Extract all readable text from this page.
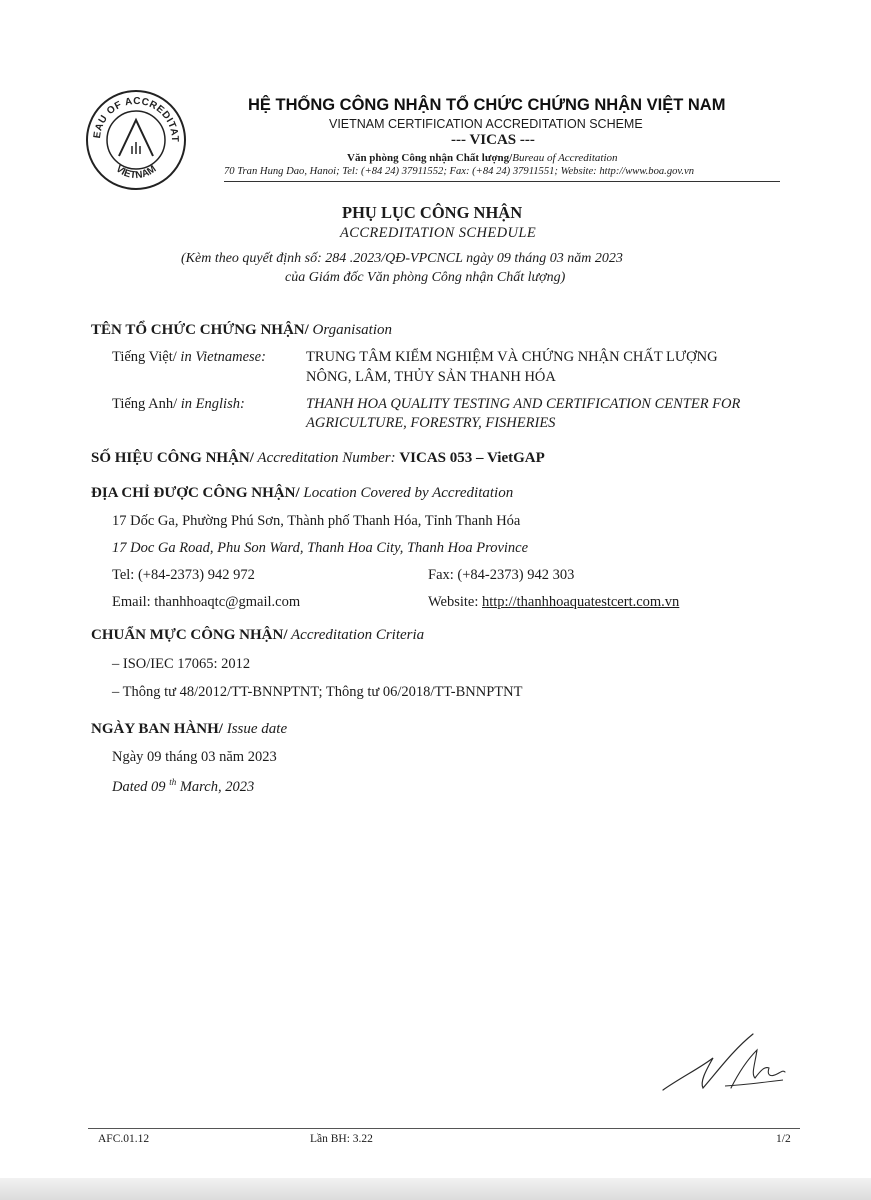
EAU OF ACCREDITAT
VIETNAM
HỆ THỐNG CÔNG NHẬN TỔ CHỨC CHỨNG NHẬN VIỆT NAM
VIETNAM CERTIFICATION ACCREDITATION SCHEME
--- VICAS ---
Văn phòng Công nhận Chất lượng/Bureau of Accreditation
70 Tran Hung Dao, Hanoi; Tel: (+84 24) 37911552; Fax: (+84 24) 37911551; Website: http://www.boa.gov.vn
PHỤ LỤC CÔNG NHẬN
ACCREDITATION SCHEDULE
(Kèm theo quyết định số: 284 .2023/QĐ-VPCNCL ngày 09 tháng 03 năm 2023
của Giám đốc Văn phòng Công nhận Chất lượng)
TÊN TỔ CHỨC CHỨNG NHẬN/ Organisation
Tiếng Việt/ in Vietnamese:	TRUNG TÂM KIỂM NGHIỆM VÀ CHỨNG NHẬN CHẤT LƯỢNG
NÔNG, LÂM, THỦY SẢN THANH HÓA
Tiếng Anh/ in English:	THANH HOA QUALITY TESTING AND CERTIFICATION CENTER FOR
AGRICULTURE, FORESTRY, FISHERIES
SỐ HIỆU CÔNG NHẬN/ Accreditation Number: VICAS 053 – VietGAP
ĐỊA CHỈ ĐƯỢC CÔNG NHẬN/ Location Covered by Accreditation
17 Dốc Ga, Phường Phú Sơn, Thành phố Thanh Hóa, Tỉnh Thanh Hóa
17 Doc Ga Road, Phu Son Ward, Thanh Hoa City, Thanh Hoa Province
Tel: (+84-2373) 942 972	Fax: (+84-2373) 942 303
Email: thanhhoaqtc@gmail.com	Website: http://thanhhoaquatestcert.com.vn
CHUẨN MỰC CÔNG NHẬN/ Accreditation Criteria
– ISO/IEC 17065: 2012
– Thông tư 48/2012/TT-BNNPTNT; Thông tư 06/2018/TT-BNNPTNT
NGÀY BAN HÀNH/ Issue date
Ngày 09 tháng 03 năm 2023
Dated 09 $^{th}$ March, 2023
AFC.01.12	Lần BH: 3.22	1/2
